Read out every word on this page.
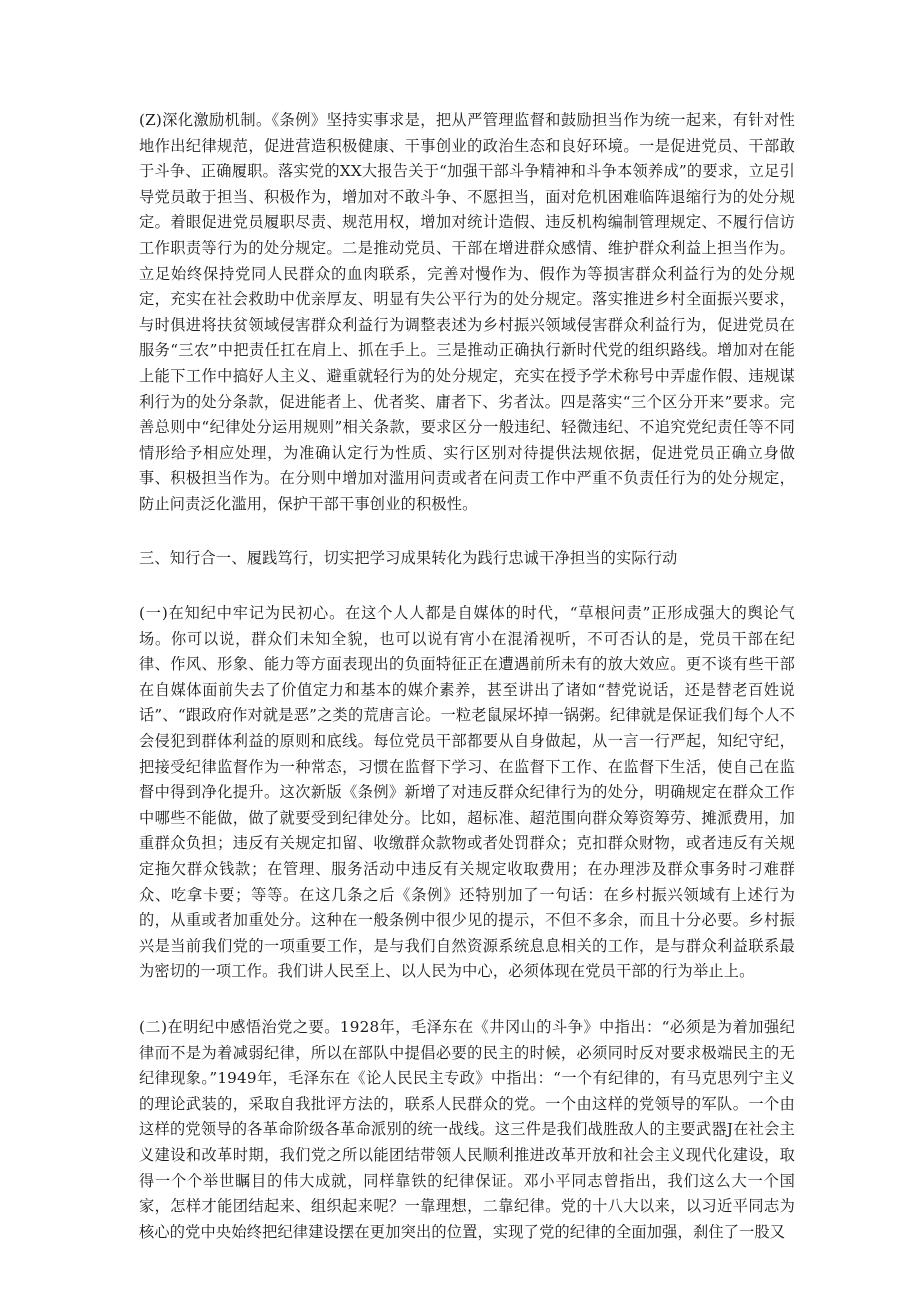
(Z)深化激励机制。《条例》坚持实事求是，把从严管理监督和鼓励担当作为统一起来，有针对性地作出纪律规范，促进营造积极健康、干事创业的政治生态和良好环境。一是促进党员、干部敢于斗争、正确履职。落实党的XX大报告关于“加强干部斗争精神和斗争本领养成”的要求，立足引导党员敢于担当、积极作为，增加对不敢斗争、不愿担当，面对危机困难临阵退缩行为的处分规定。着眼促进党员履职尽责、规范用权，增加对统计造假、违反机构编制管理规定、不履行信访工作职责等行为的处分规定。二是推动党员、干部在增进群众感情、维护群众利益上担当作为。立足始终保持党同人民群众的血肉联系，完善对慢作为、假作为等损害群众利益行为的处分规定，充实在社会救助中优亲厚友、明显有失公平行为的处分规定。落实推进乡村全面振兴要求，与时俱进将扶贫领域侵害群众利益行为调整表述为乡村振兴领域侵害群众利益行为，促进党员在服务“三农”中把责任扛在肩上、抓在手上。三是推动正确执行新时代党的组织路线。增加对在能上能下工作中搞好人主义、避重就轻行为的处分规定，充实在授予学术称号中弄虚作假、违规谋利行为的处分条款，促进能者上、优者奖、庸者下、劣者汰。四是落实“三个区分开来”要求。完善总则中“纪律处分运用规则”相关条款，要求区分一般违纪、轻微违纪、不追究党纪责任等不同情形给予相应处理，为准确认定行为性质、实行区别对待提供法规依据，促进党员正确立身做事、积极担当作为。在分则中增加对滥用问责或者在问责工作中严重不负责任行为的处分规定，防止问责泛化滥用，保护干部干事创业的积极性。

三、知行合一、履践笃行，切实把学习成果转化为践行忠诚干净担当的实际行动

(一)在知纪中牢记为民初心。在这个人人都是自媒体的时代，“草根问责”正形成强大的舆论气场。你可以说，群众们未知全貌，也可以说有宵小在混淆视听，不可否认的是，党员干部在纪律、作风、形象、能力等方面表现出的负面特征正在遭遇前所未有的放大效应。更不谈有些干部在自媒体面前失去了价值定力和基本的媒介素养，甚至讲出了诸如“替党说话，还是替老百姓说话”、“跟政府作对就是恶”之类的荒唐言论。一粒老鼠屎坏掉一锅粥。纪律就是保证我们每个人不会侵犯到群体利益的原则和底线。每位党员干部都要从自身做起，从一言一行严起，知纪守纪，把接受纪律监督作为一种常态，习惯在监督下学习、在监督下工作、在监督下生活，使自己在监督中得到净化提升。这次新版《条例》新增了对违反群众纪律行为的处分，明确规定在群众工作中哪些不能做，做了就要受到纪律处分。比如，超标准、超范围向群众筹资筹劳、摊派费用，加重群众负担；违反有关规定扣留、收缴群众款物或者处罚群众；克扣群众财物，或者违反有关规定拖欠群众钱款；在管理、服务活动中违反有关规定收取费用；在办理涉及群众事务时刁难群众、吃拿卡要；等等。在这几条之后《条例》还特别加了一句话：在乡村振兴领域有上述行为的，从重或者加重处分。这种在一般条例中很少见的提示，不但不多余，而且十分必要。乡村振兴是当前我们党的一项重要工作，是与我们自然资源系统息息相关的工作，是与群众利益联系最为密切的一项工作。我们讲人民至上、以人民为中心，必须体现在党员干部的行为举止上。

(二)在明纪中感悟治党之要。1928年，毛泽东在《井冈山的斗争》中指出：“必须是为着加强纪律而不是为着减弱纪律，所以在部队中提倡必要的民主的时候，必须同时反对要求极端民主的无纪律现象。”1949年，毛泽东在《论人民民主专政》中指出：“一个有纪律的，有马克思列宁主义的理论武装的，采取自我批评方法的，联系人民群众的党。一个由这样的党领导的军队。一个由这样的党领导的各革命阶级各革命派别的统一战线。这三件是我们战胜敌人的主要武器J在社会主义建设和改革时期，我们党之所以能团结带领人民顺利推进改革开放和社会主义现代化建设，取得一个个举世瞩目的伟大成就，同样靠铁的纪律保证。邓小平同志曾指出，我们这么大一个国家，怎样才能团结起来、组织起来呢？一靠理想，二靠纪律。党的十八大以来，以习近平同志为核心的党中央始终把纪律建设摆在更加突出的位置，实现了党的纪律的全面加强，刹住了一股又
